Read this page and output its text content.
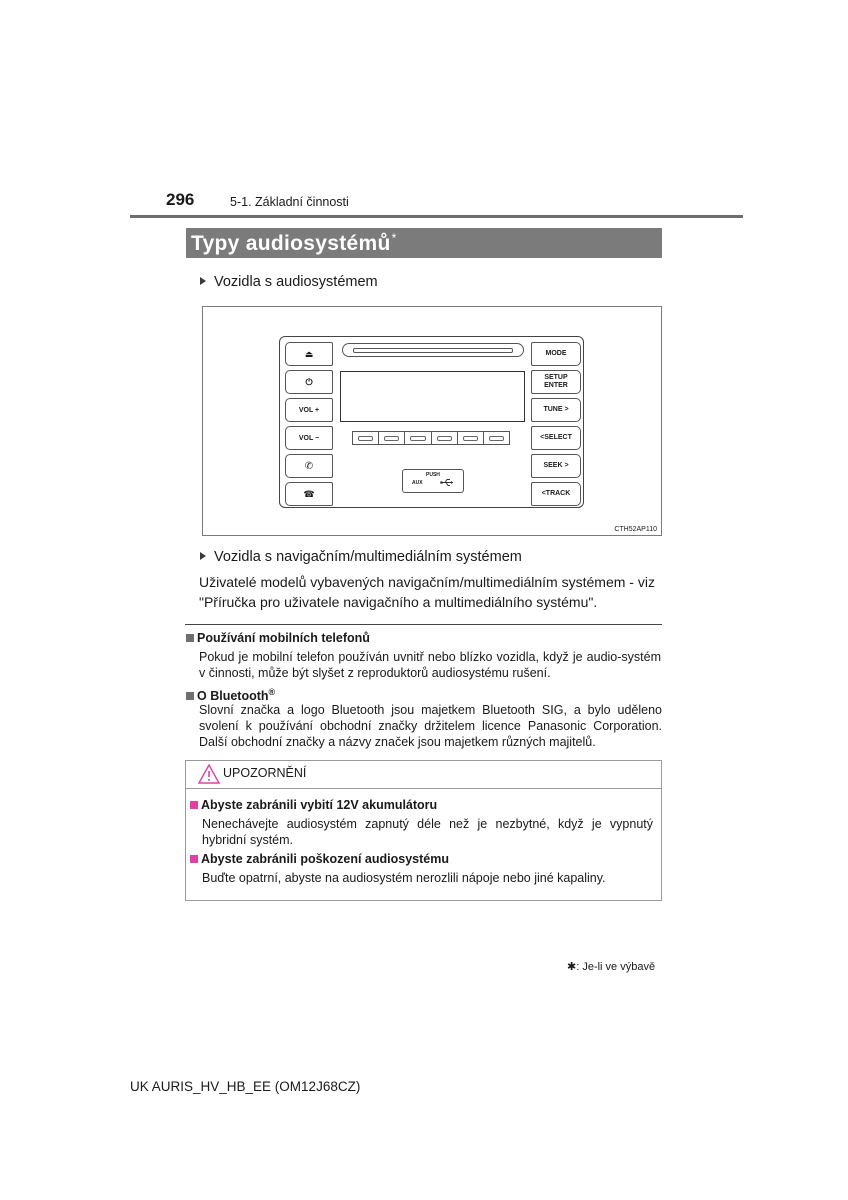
296	5-1. Základní činnosti
Typy audiosystémů*
Vozidla s audiosystémem
⏏
⏻
VOL +
VOL −
✆
☎
PUSH
AUX
MODE
SETUP
ENTER
TUNE >
<SELECT
SEEK >
<TRACK
CTH52AP110
Vozidla s navigačním/multimediálním systémem
Uživatelé modelů vybavených navigačním/multimediálním systémem - viz "Příručka pro uživatele navigačního a multimediálního systému".
Používání mobilních telefonů
Pokud je mobilní telefon používán uvnitř nebo blízko vozidla, když je audio-systém v činnosti, může být slyšet z reproduktorů audiosystému rušení.
O Bluetooth®
Slovní značka a logo Bluetooth jsou majetkem Bluetooth SIG, a bylo uděleno svolení k používání obchodní značky držitelem licence Panasonic Corporation. Další obchodní značky a názvy značek jsou majetkem různých majitelů.
UPOZORNĚNÍ
Abyste zabránili vybití 12V akumulátoru
Nenechávejte audiosystém zapnutý déle než je nezbytné, když je vypnutý hybridní systém.
Abyste zabránili poškození audiosystému
Buďte opatrní, abyste na audiosystém nerozlili nápoje nebo jiné kapaliny.
✱: Je-li ve výbavě
UK AURIS_HV_HB_EE (OM12J68CZ)
